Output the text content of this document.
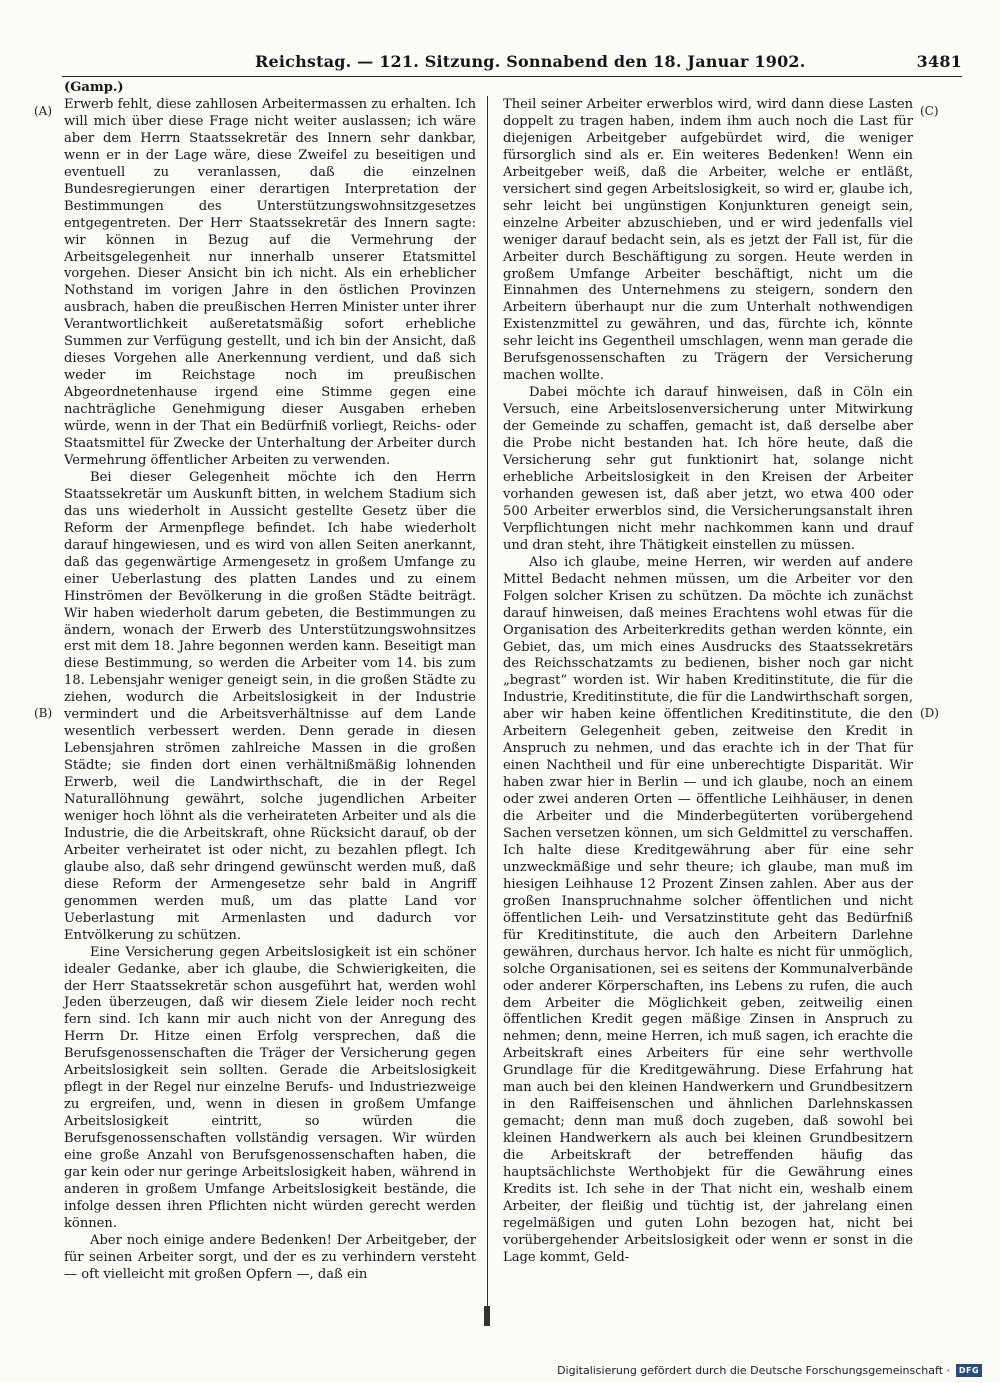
Reichstag. — 121. Sitzung. Sonnabend den 18. Januar 1902.	3481
(A)
(B)
(C)
(D)

(Gamp.)

Erwerb fehlt, diese zahllosen Arbeitermassen zu erhalten. Ich will mich über diese Frage nicht weiter auslassen; ich wäre aber dem Herrn Staatssekretär des Innern sehr dankbar, wenn er in der Lage wäre, diese Zweifel zu beseitigen und eventuell zu veranlassen, daß die einzelnen Bundesregierungen einer derartigen Interpretation der Bestimmungen des Unterstützungswohnsitzgesetzes entgegentreten. Der Herr Staatssekretär des Innern sagte: wir können in Bezug auf die Vermehrung der Arbeitsgelegenheit nur innerhalb unserer Etatsmittel vorgehen. Dieser Ansicht bin ich nicht. Als ein erheblicher Nothstand im vorigen Jahre in den östlichen Provinzen ausbrach, haben die preußischen Herren Minister unter ihrer Verantwortlichkeit außeretatsmäßig sofort erhebliche Summen zur Verfügung gestellt, und ich bin der Ansicht, daß dieses Vorgehen alle Anerkennung verdient, und daß sich weder im Reichstage noch im preußischen Abgeordnetenhause irgend eine Stimme gegen eine nachträgliche Genehmigung dieser Ausgaben erheben würde, wenn in der That ein Bedürfniß vorliegt, Reichs- oder Staatsmittel für Zwecke der Unterhaltung der Arbeiter durch Vermehrung öffentlicher Arbeiten zu verwenden.

Bei dieser Gelegenheit möchte ich den Herrn Staatssekretär um Auskunft bitten, in welchem Stadium sich das uns wiederholt in Aussicht gestellte Gesetz über die Reform der Armenpflege befindet. Ich habe wiederholt darauf hingewiesen, und es wird von allen Seiten anerkannt, daß das gegenwärtige Armengesetz in großem Umfange zu einer Ueberlastung des platten Landes und zu einem Hinströmen der Bevölkerung in die großen Städte beiträgt. Wir haben wiederholt darum gebeten, die Bestimmungen zu ändern, wonach der Erwerb des Unterstützungswohnsitzes erst mit dem 18. Jahre begonnen werden kann. Beseitigt man diese Bestimmung, so werden die Arbeiter vom 14. bis zum 18. Lebensjahr weniger geneigt sein, in die großen Städte zu ziehen, wodurch die Arbeitslosigkeit in der Industrie vermindert und die Arbeitsverhältnisse auf dem Lande wesentlich verbessert werden. Denn gerade in diesen Lebensjahren strömen zahlreiche Massen in die großen Städte; sie finden dort einen verhältnißmäßig lohnenden Erwerb, weil die Landwirthschaft, die in der Regel Naturallöhnung gewährt, solche jugendlichen Arbeiter weniger hoch löhnt als die verheirateten Arbeiter und als die Industrie, die die Arbeitskraft, ohne Rücksicht darauf, ob der Arbeiter verheiratet ist oder nicht, zu bezahlen pflegt. Ich glaube also, daß sehr dringend gewünscht werden muß, daß diese Reform der Armengesetze sehr bald in Angriff genommen werden muß, um das platte Land vor Ueberlastung mit Armenlasten und dadurch vor Entvölkerung zu schützen.

Eine Versicherung gegen Arbeitslosigkeit ist ein schöner idealer Gedanke, aber ich glaube, die Schwierigkeiten, die der Herr Staatssekretär schon ausgeführt hat, werden wohl Jeden überzeugen, daß wir diesem Ziele leider noch recht fern sind. Ich kann mir auch nicht von der Anregung des Herrn Dr. Hitze einen Erfolg versprechen, daß die Berufsgenossenschaften die Träger der Versicherung gegen Arbeitslosigkeit sein sollten. Gerade die Arbeitslosigkeit pflegt in der Regel nur einzelne Berufs- und Industriezweige zu ergreifen, und, wenn in diesen in großem Umfange Arbeitslosigkeit eintritt, so würden die Berufsgenossenschaften vollständig versagen. Wir würden eine große Anzahl von Berufsgenossenschaften haben, die gar kein oder nur geringe Arbeitslosigkeit haben, während in anderen in großem Umfange Arbeitslosigkeit bestände, die infolge dessen ihren Pflichten nicht würden gerecht werden können.

Aber noch einige andere Bedenken! Der Arbeitgeber, der für seinen Arbeiter sorgt, und der es zu verhindern versteht — oft vielleicht mit großen Opfern —, daß ein

Theil seiner Arbeiter erwerblos wird, wird dann diese Lasten doppelt zu tragen haben, indem ihm auch noch die Last für diejenigen Arbeitgeber aufgebürdet wird, die weniger fürsorglich sind als er. Ein weiteres Bedenken! Wenn ein Arbeitgeber weiß, daß die Arbeiter, welche er entläßt, versichert sind gegen Arbeitslosigkeit, so wird er, glaube ich, sehr leicht bei ungünstigen Konjunkturen geneigt sein, einzelne Arbeiter abzuschieben, und er wird jedenfalls viel weniger darauf bedacht sein, als es jetzt der Fall ist, für die Arbeiter durch Beschäftigung zu sorgen. Heute werden in großem Umfange Arbeiter beschäftigt, nicht um die Einnahmen des Unternehmens zu steigern, sondern den Arbeitern überhaupt nur die zum Unterhalt nothwendigen Existenzmittel zu gewähren, und das, fürchte ich, könnte sehr leicht ins Gegentheil umschlagen, wenn man gerade die Berufsgenossenschaften zu Trägern der Versicherung machen wollte.

Dabei möchte ich darauf hinweisen, daß in Cöln ein Versuch, eine Arbeitslosenversicherung unter Mitwirkung der Gemeinde zu schaffen, gemacht ist, daß derselbe aber die Probe nicht bestanden hat. Ich höre heute, daß die Versicherung sehr gut funktionirt hat, solange nicht erhebliche Arbeitslosigkeit in den Kreisen der Arbeiter vorhanden gewesen ist, daß aber jetzt, wo etwa 400 oder 500 Arbeiter erwerblos sind, die Versicherungsanstalt ihren Verpflichtungen nicht mehr nachkommen kann und drauf und dran steht, ihre Thätigkeit einstellen zu müssen.

Also ich glaube, meine Herren, wir werden auf andere Mittel Bedacht nehmen müssen, um die Arbeiter vor den Folgen solcher Krisen zu schützen. Da möchte ich zunächst darauf hinweisen, daß meines Erachtens wohl etwas für die Organisation des Arbeiterkredits gethan werden könnte, ein Gebiet, das, um mich eines Ausdrucks des Staatssekretärs des Reichsschatzamts zu bedienen, bisher noch gar nicht „begrast“ worden ist. Wir haben Kreditinstitute, die für die Industrie, Kreditinstitute, die für die Landwirthschaft sorgen, aber wir haben keine öffentlichen Kreditinstitute, die den Arbeitern Gelegenheit geben, zeitweise den Kredit in Anspruch zu nehmen, und das erachte ich in der That für einen Nachtheil und für eine unberechtigte Disparität. Wir haben zwar hier in Berlin — und ich glaube, noch an einem oder zwei anderen Orten — öffentliche Leihhäuser, in denen die Arbeiter und die Minderbegüterten vorübergehend Sachen versetzen können, um sich Geldmittel zu verschaffen. Ich halte diese Kreditgewährung aber für eine sehr unzweckmäßige und sehr theure; ich glaube, man muß im hiesigen Leihhause 12 Prozent Zinsen zahlen. Aber aus der großen Inanspruchnahme solcher öffentlichen und nicht öffentlichen Leih- und Versatzinstitute geht das Bedürfniß für Kreditinstitute, die auch den Arbeitern Darlehne gewähren, durchaus hervor. Ich halte es nicht für unmöglich, solche Organisationen, sei es seitens der Kommunalverbände oder anderer Körperschaften, ins Lebens zu rufen, die auch dem Arbeiter die Möglichkeit geben, zeitweilig einen öffentlichen Kredit gegen mäßige Zinsen in Anspruch zu nehmen; denn, meine Herren, ich muß sagen, ich erachte die Arbeitskraft eines Arbeiters für eine sehr werthvolle Grundlage für die Kreditgewährung. Diese Erfahrung hat man auch bei den kleinen Handwerkern und Grundbesitzern in den Raiffeisenschen und ähnlichen Darlehnskassen gemacht; denn man muß doch zugeben, daß sowohl bei kleinen Handwerkern als auch bei kleinen Grundbesitzern die Arbeitskraft der betreffenden häufig das hauptsächlichste Werthobjekt für die Gewährung eines Kredits ist. Ich sehe in der That nicht ein, weshalb einem Arbeiter, der fleißig und tüchtig ist, der jahrelang einen regelmäßigen und guten Lohn bezogen hat, nicht bei vorübergehender Arbeitslosigkeit oder wenn er sonst in die Lage kommt, Geld-

Digitalisierung gefördert durch die Deutsche Forschungsgemeinschaft ·	DFG
